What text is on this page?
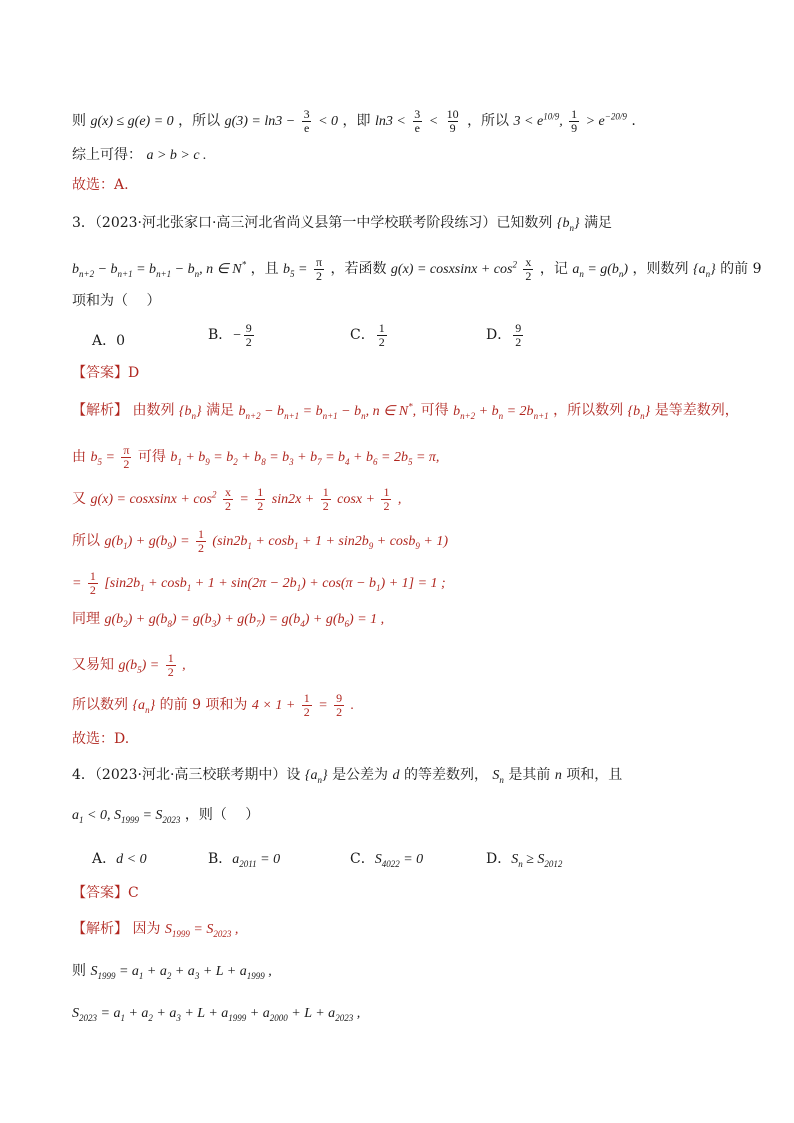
则 g(x) ≤ g(e) = 0 ，所以 $g(3) = \ln 3 - \frac{3}{e} < 0$ ，即 $\ln 3 < \frac{3}{e} < \frac{10}{9}$ ，所以 $3 < e^{10/9}$, $\frac{1}{9} > e^{-20/9}$ .
综上可得： a > b > c .
故选：A.
3．（2023·河北张家口·高三河北省尚义县第一中学校联考阶段练习）已知数列 $\{b_n\}$ 满足
$b_{n+2} - b_{n+1} = b_{n+1} - b_n$, n ∈ N* ，且 $b_5 = \frac{\pi}{2}$ ，若函数 g(x) = cosxsinx + $\cos^2 \frac{x}{2}$ ，记 $a_n = g(b_n)$ ，则数列 $\{a_n\}$ 的前 9
项和为（　 ）
A．0	B．− $\frac{9}{2}$	C． $\frac{1}{2}$	D． $\frac{9}{2}$
【答案】D
【解析】 由数列 $\{b_n\}$ 满足 $b_{n+2} - b_{n+1} = b_{n+1} - b_n$, n ∈ N*, 可得 $b_{n+2} + b_n = 2b_{n+1}$ ，所以数列 $\{b_n\}$ 是等差数列，
由 $b_5 = \frac{\pi}{2}$ 可得 $b_1 + b_9 = b_2 + b_8 = b_3 + b_7 = b_4 + b_6 = 2b_5 = \pi$,
又 g(x) = cosxsinx + $\cos^2 \frac{x}{2} = \frac{1}{2} \sin 2x + \frac{1}{2}$ $\cos x + \frac{1}{2}$ ,
所以 $g(b_1) + g(b_9) = \frac{1}{2} (\sin 2b_1 + \cos b_1 + 1 + \sin 2b_9 + \cos b_9 + 1)$
= $\frac{1}{2} [\sin 2b_1 + \cos b_1 + 1 + \sin(2\pi - 2b_1) + \cos(\pi - b_1) + 1] = 1$ ;
同理 $g(b_2) + g(b_8) = g(b_3) + g(b_7) = g(b_4) + g(b_6) = 1$ ,
又易知 $g(b_5) = \frac{1}{2}$ ,
所以数列 $\{a_n\}$ 的前 9 项和为 $4 \times 1 + \frac{1}{2} = \frac{9}{2}$ .
故选：D.
4．（2023·河北·高三校联考期中）设 $\{a_n\}$ 是公差为 d 的等差数列， $S_n$ 是其前 n 项和，且
$a_1 < 0$, $S_{1999} = S_{2023}$ ，则（　 ）
A．d < 0	B．$a_{2011} = 0$	C．$S_{4022} = 0$	D．$S_n \ge S_{2012}$
【答案】C
【解析】 因为 $S_{1999} = S_{2023}$ ,
则 $S_{1999} = a_1 + a_2 + a_3 + L + a_{1999}$ ,
$S_{2023} = a_1 + a_2 + a_3 + L + a_{1999} + a_{2000} + L + a_{2023}$ ,
